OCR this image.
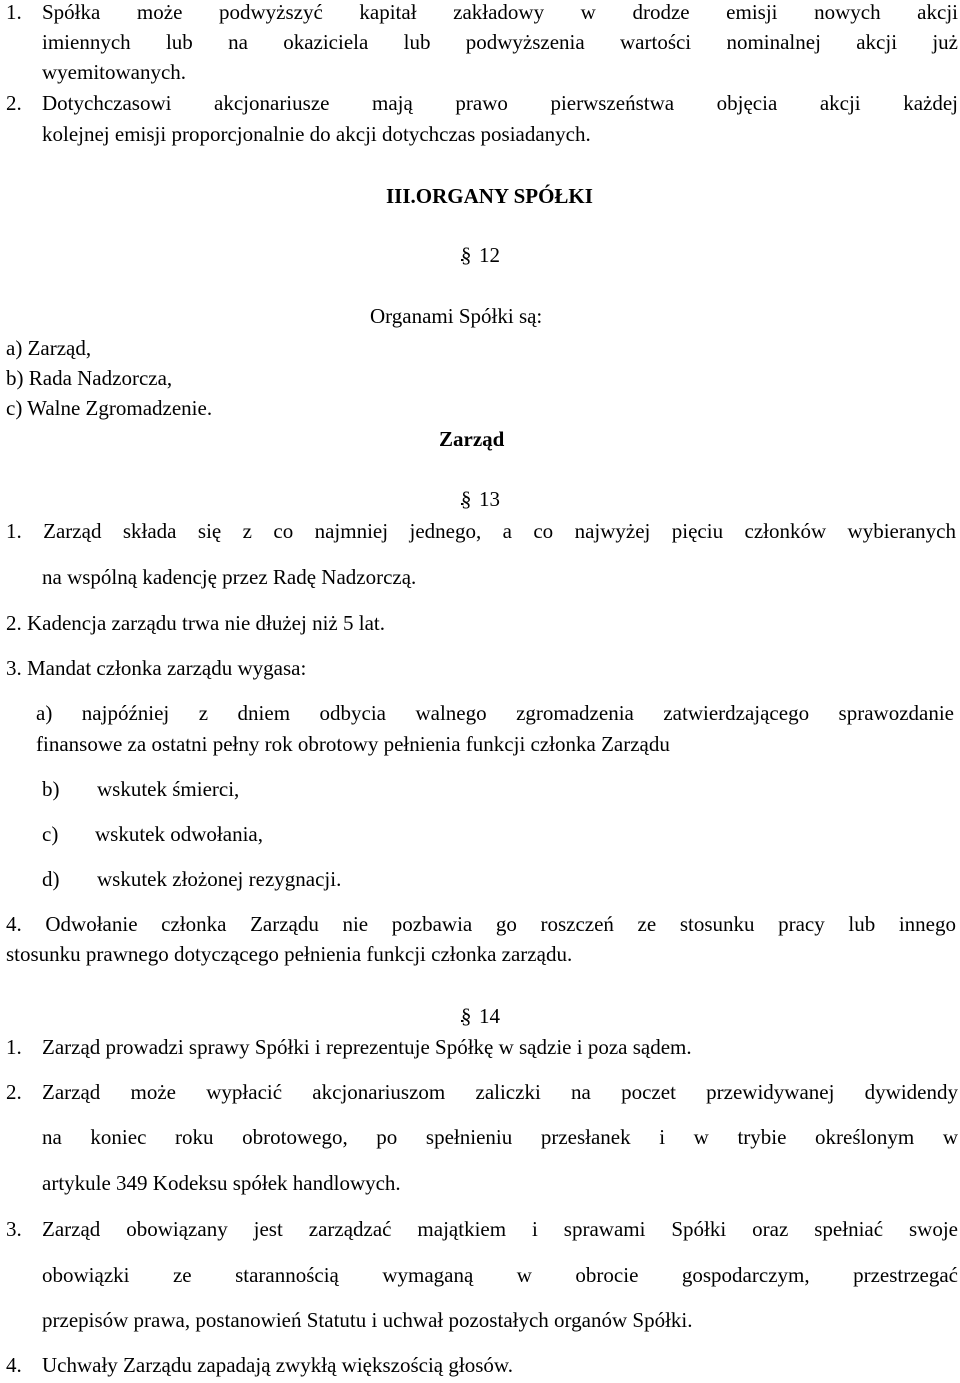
1. Spółka może podwyższyć kapitał zakładowy w drodze emisji nowych akcji
imiennych lub na okaziciela lub podwyższenia wartości nominalnej akcji już
wyemitowanych.
2. Dotychczasowi akcjonariusze mają prawo pierwszeństwa objęcia akcji każdej
kolejnej emisji proporcjonalnie do akcji dotychczas posiadanych.
III.ORGANY SPÓŁKI
§ 12
Organami Spółki są:
a) Zarząd,
b) Rada Nadzorcza,
c) Walne Zgromadzenie.
Zarząd
§ 13
1. Zarząd składa się z co najmniej jednego, a co najwyżej pięciu członków wybieranych
na wspólną kadencję przez Radę Nadzorczą.
2. Kadencja zarządu trwa nie dłużej niż 5 lat.
3. Mandat członka zarządu wygasa:
a) najpóźniej z dniem odbycia walnego zgromadzenia zatwierdzającego sprawozdanie
finansowe za ostatni pełny rok obrotowy pełnienia funkcji członka Zarządu
b) wskutek śmierci,
c) wskutek odwołania,
d) wskutek złożonej rezygnacji.
4. Odwołanie członka Zarządu nie pozbawia go roszczeń ze stosunku pracy lub innego
stosunku prawnego dotyczącego pełnienia funkcji członka zarządu.
§ 14
1. Zarząd prowadzi sprawy Spółki i reprezentuje Spółkę w sądzie i poza sądem.
2. Zarząd może wypłacić akcjonariuszom zaliczki na poczet przewidywanej dywidendy
na koniec roku obrotowego, po spełnieniu przesłanek i w trybie określonym w
artykule 349 Kodeksu spółek handlowych.
3. Zarząd obowiązany jest zarządzać majątkiem i sprawami Spółki oraz spełniać swoje
obowiązki ze starannością wymaganą w obrocie gospodarczym, przestrzegać
przepisów prawa, postanowień Statutu i uchwał pozostałych organów Spółki.
4. Uchwały Zarządu zapadają zwykłą większością głosów.
